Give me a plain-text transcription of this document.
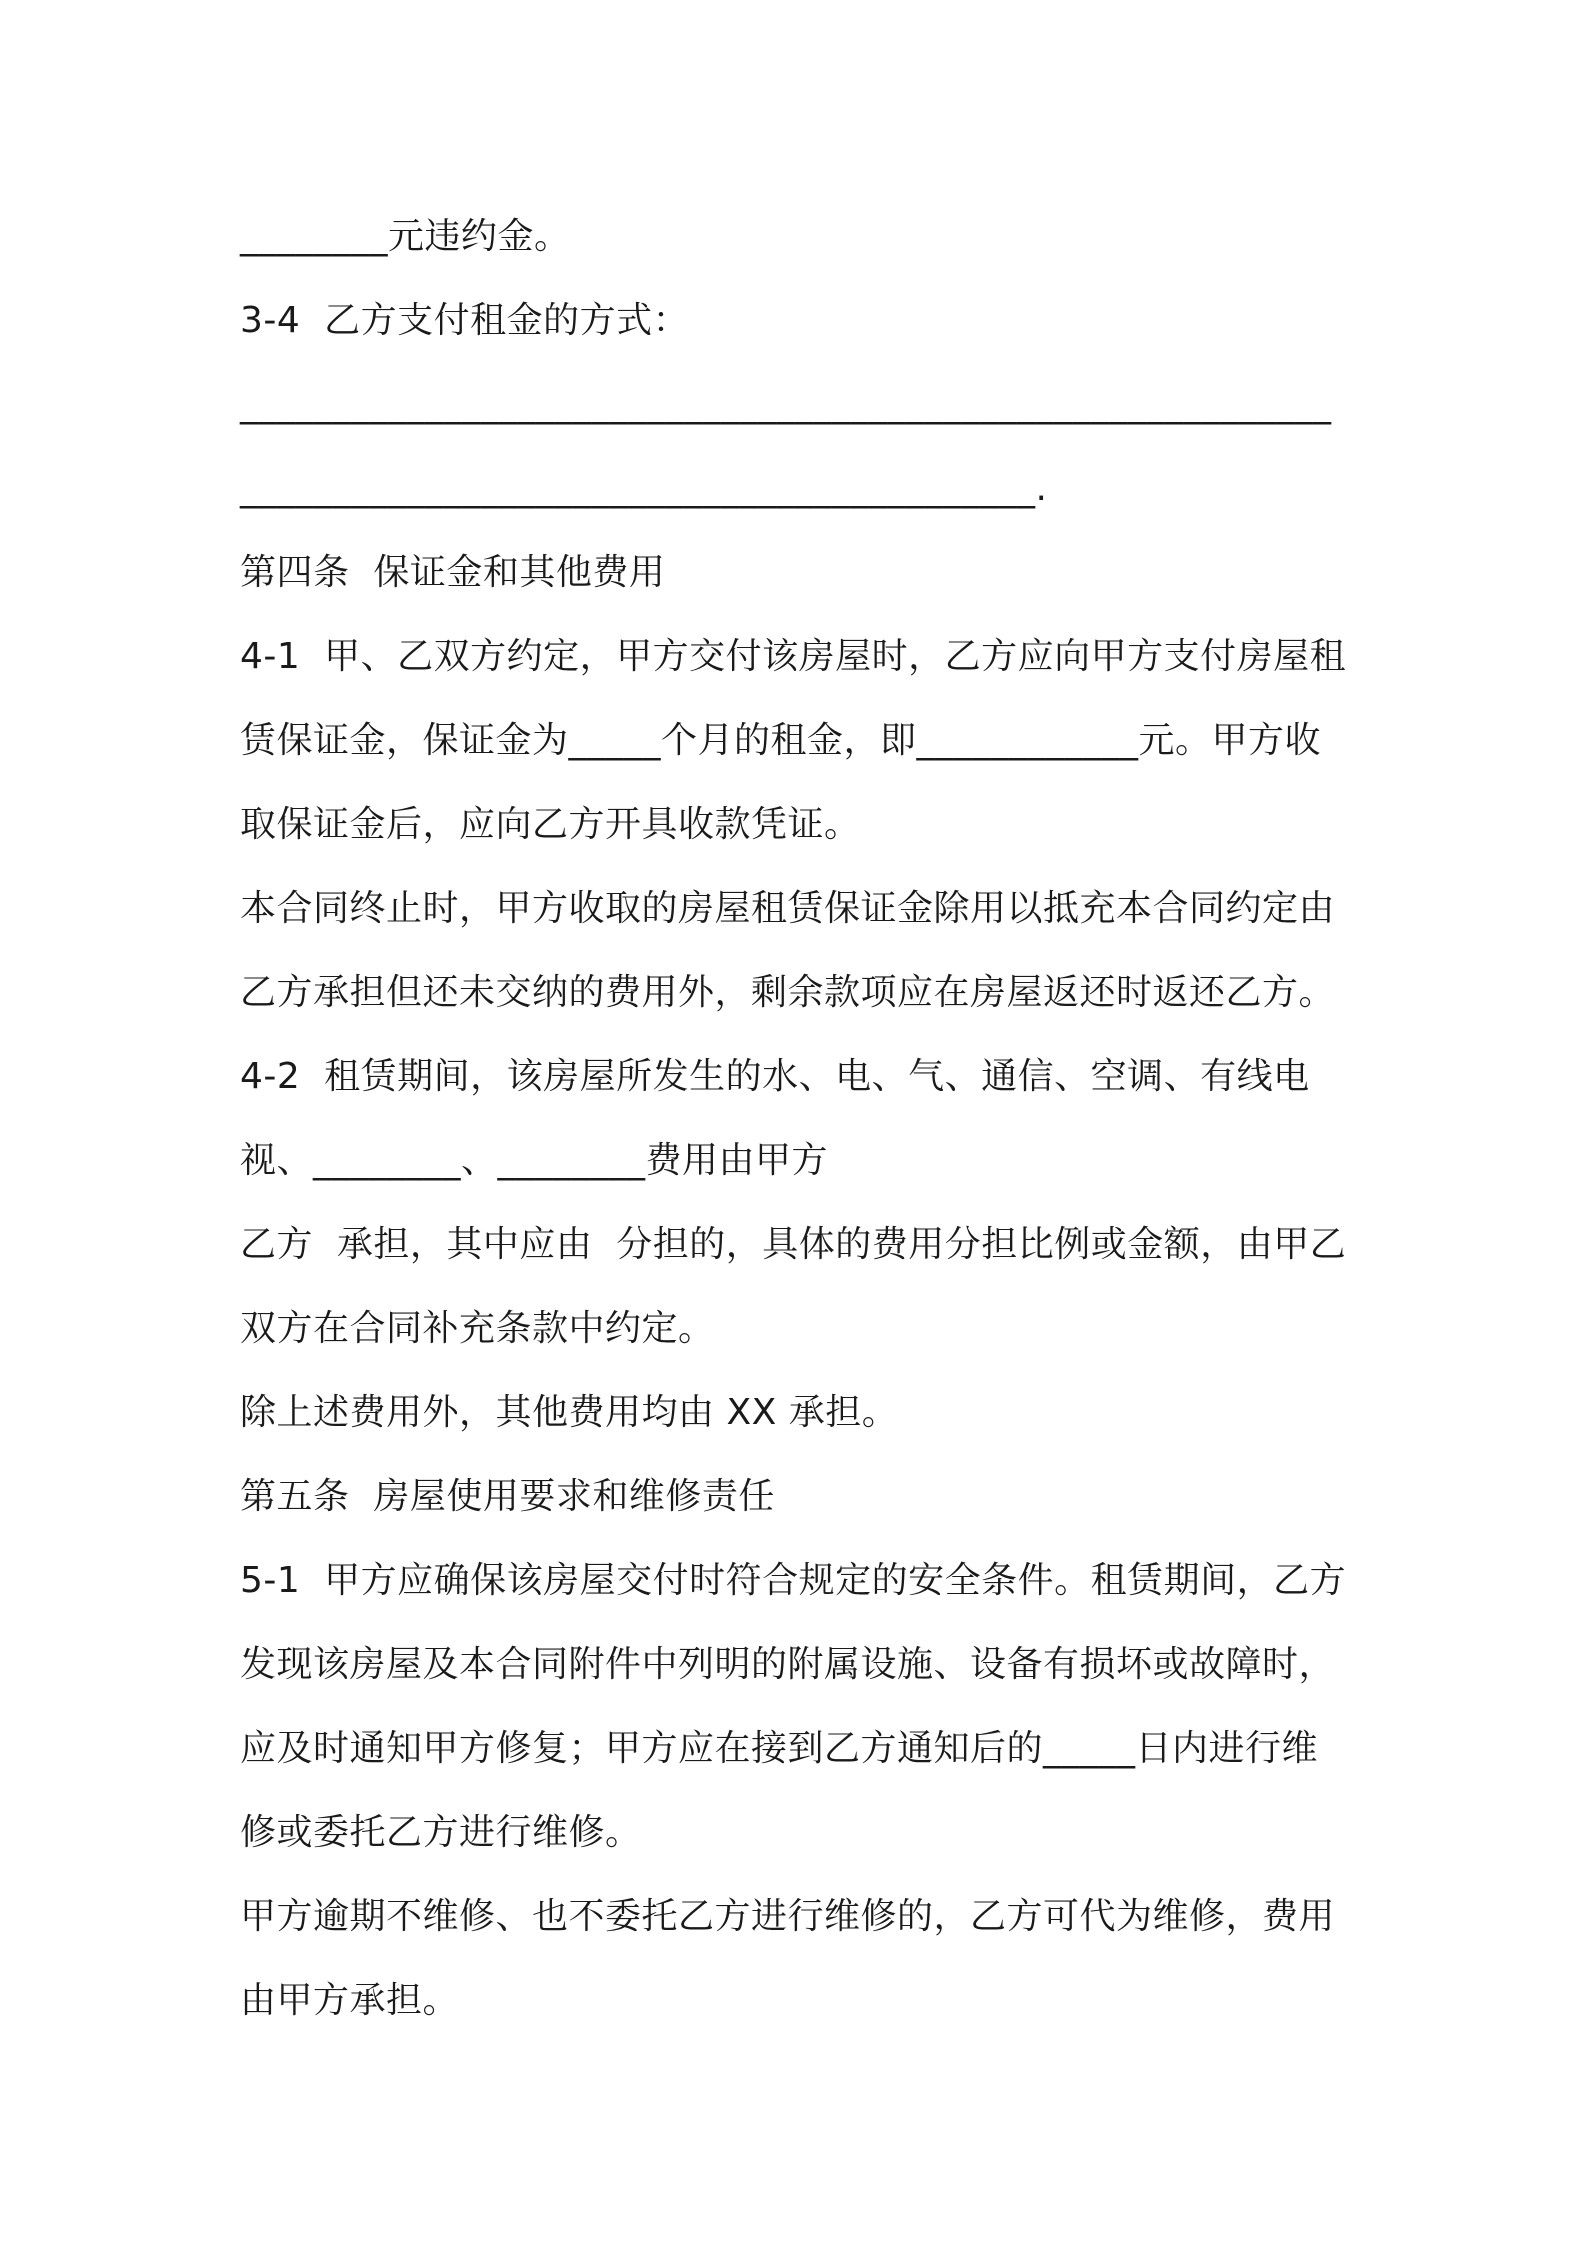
________元违约金。
3-4  乙方支付租金的方式：
___________________________________________________________
___________________________________________.
第四条  保证金和其他费用
4-1  甲、乙双方约定，甲方交付该房屋时，乙方应向甲方支付房屋租
赁保证金，保证金为_____个月的租金，即____________元。甲方收
取保证金后，应向乙方开具收款凭证。
本合同终止时，甲方收取的房屋租赁保证金除用以抵充本合同约定由
乙方承担但还未交纳的费用外，剩余款项应在房屋返还时返还乙方。
4-2  租赁期间，该房屋所发生的水、电、气、通信、空调、有线电
视、________、________费用由甲方
乙方  承担，其中应由  分担的，具体的费用分担比例或金额，由甲乙
双方在合同补充条款中约定。
除上述费用外，其他费用均由 XX 承担。
第五条  房屋使用要求和维修责任
5-1  甲方应确保该房屋交付时符合规定的安全条件。租赁期间，乙方
发现该房屋及本合同附件中列明的附属设施、设备有损坏或故障时，
应及时通知甲方修复；甲方应在接到乙方通知后的_____日内进行维
修或委托乙方进行维修。
甲方逾期不维修、也不委托乙方进行维修的，乙方可代为维修，费用
由甲方承担。
